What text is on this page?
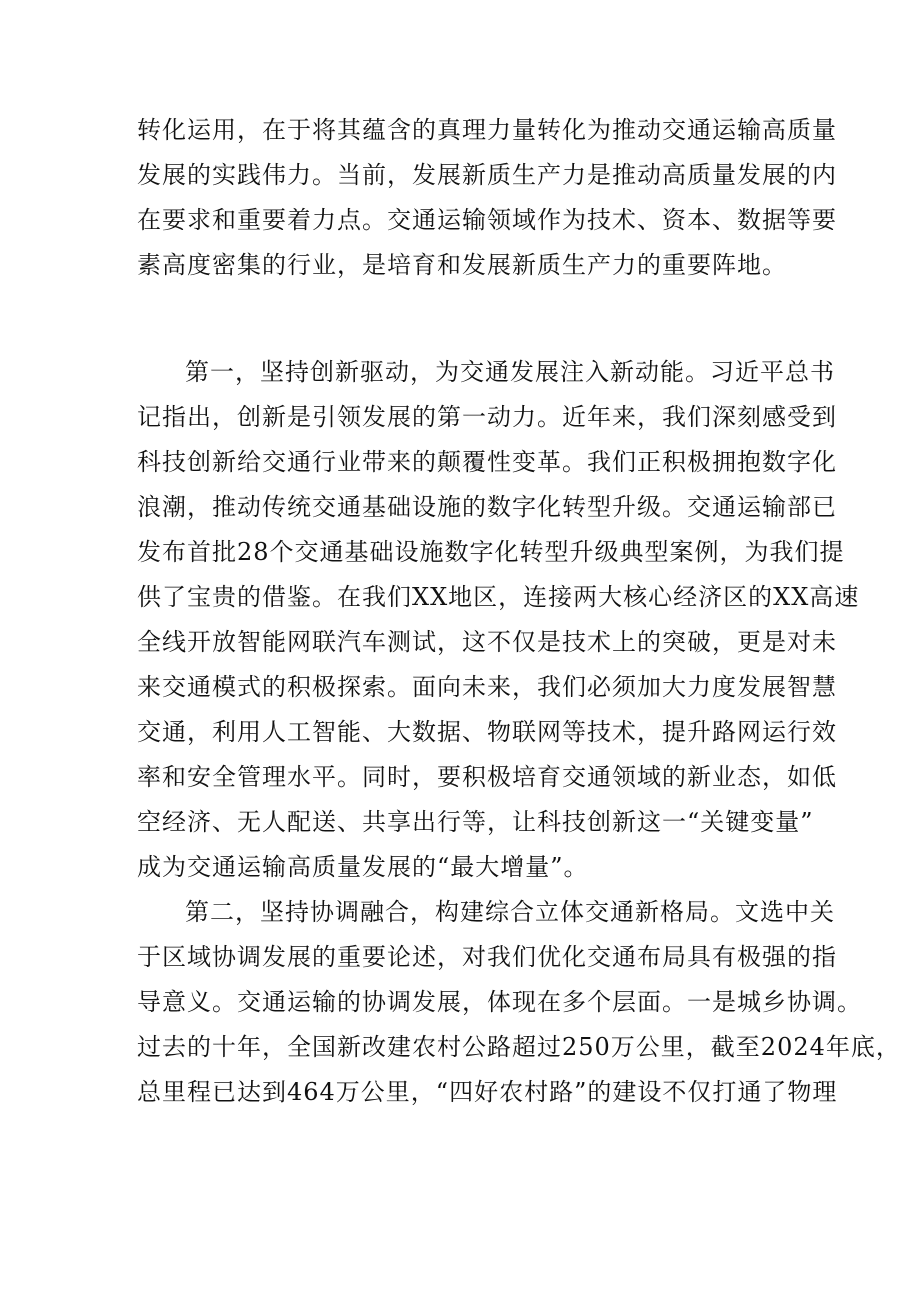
转化运用，在于将其蕴含的真理力量转化为推动交通运输高质量
发展的实践伟力。当前，发展新质生产力是推动高质量发展的内
在要求和重要着力点。交通运输领域作为技术、资本、数据等要
素高度密集的行业，是培育和发展新质生产力的重要阵地。
第一，坚持创新驱动，为交通发展注入新动能。习近平总书
记指出，创新是引领发展的第一动力。近年来，我们深刻感受到
科技创新给交通行业带来的颠覆性变革。我们正积极拥抱数字化
浪潮，推动传统交通基础设施的数字化转型升级。交通运输部已
发布首批28个交通基础设施数字化转型升级典型案例，为我们提
供了宝贵的借鉴。在我们XX地区，连接两大核心经济区的XX高速
全线开放智能网联汽车测试，这不仅是技术上的突破，更是对未
来交通模式的积极探索。面向未来，我们必须加大力度发展智慧
交通，利用人工智能、大数据、物联网等技术，提升路网运行效
率和安全管理水平。同时，要积极培育交通领域的新业态，如低
空经济、无人配送、共享出行等，让科技创新这一“关键变量”
成为交通运输高质量发展的“最大增量”。
第二，坚持协调融合，构建综合立体交通新格局。文选中关
于区域协调发展的重要论述，对我们优化交通布局具有极强的指
导意义。交通运输的协调发展，体现在多个层面。一是城乡协调。
过去的十年，全国新改建农村公路超过250万公里，截至2024年底，
总里程已达到464万公里，“四好农村路”的建设不仅打通了物理
